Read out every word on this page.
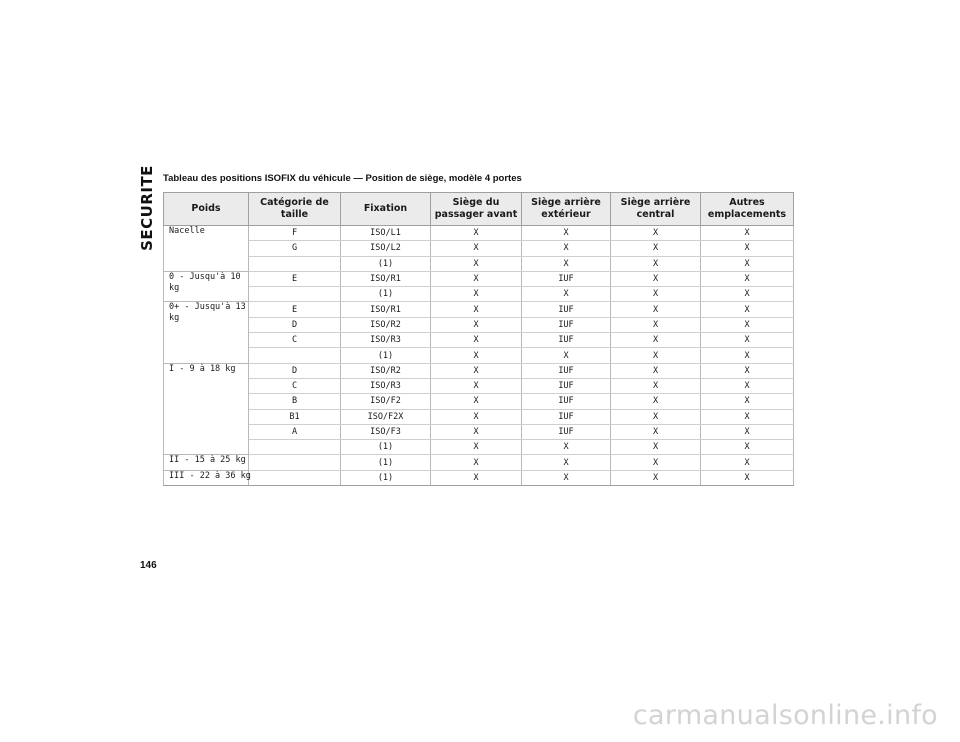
SECURITE Tableau des positions ISOFIX du véhicule — Position de siège, modèle 4 portes
Poids	Catégorie de taille	Fixation	Siège du passager avant	Siège arrière extérieur	Siège arrière central	Autres emplacements
Nacelle	F	ISO/L1	X	X	X	X
	G	ISO/L2	X	X	X	X
		(1)	X	X	X	X
0 - Jusqu'à 10 kg	E	ISO/R1	X	IUF	X	X
		(1)	X	X	X	X
0+ - Jusqu'à 13 kg	E	ISO/R1	X	IUF	X	X
	D	ISO/R2	X	IUF	X	X
	C	ISO/R3	X	IUF	X	X
		(1)	X	X	X	X
I - 9 à 18 kg	D	ISO/R2	X	IUF	X	X
	C	ISO/R3	X	IUF	X	X
	B	ISO/F2	X	IUF	X	X
	B1	ISO/F2X	X	IUF	X	X
	A	ISO/F3	X	IUF	X	X
		(1)	X	X	X	X
II - 15 à 25 kg		(1)	X	X	X	X
III - 22 à 36 kg		(1)	X	X	X	X
146
carmanualsonline.info
